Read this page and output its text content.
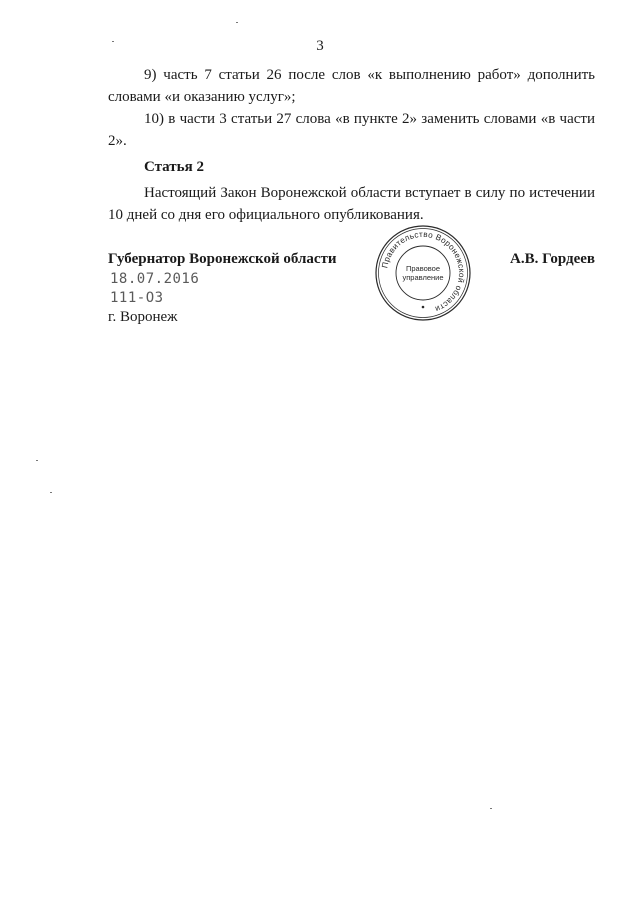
3

9) часть 7 статьи 26 после слов «к выполнению работ» дополнить словами «и оказанию услуг»;

10) в части 3 статьи 27 слова «в пункте 2» заменить словами «в части 2».

Статья 2

Настоящий Закон Воронежской области вступает в силу по истечении 10 дней со дня его официального опубликования.

Губернатор Воронежской области	А.В. Гордеев
18.07.2016
111-ОЗ
г. Воронеж
Правительство Воронежской области
Правовое
управление
